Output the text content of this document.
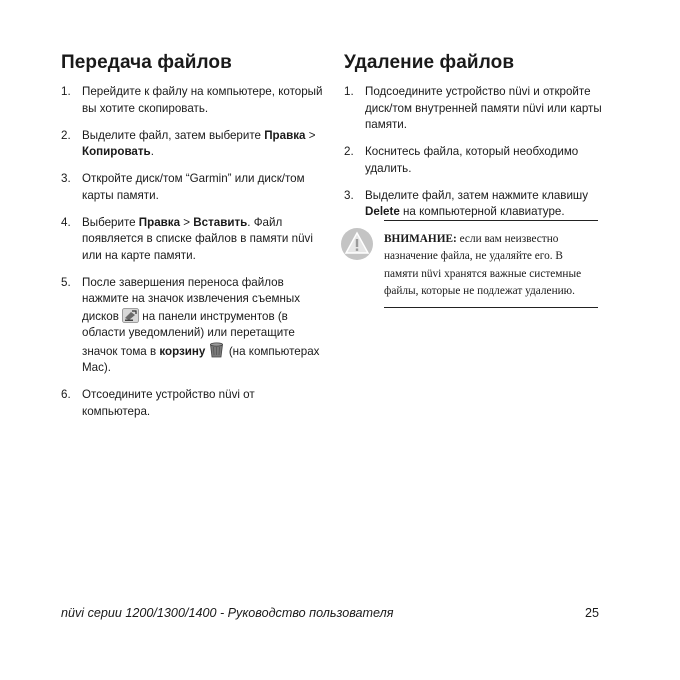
Передача файлов
1. Перейдите к файлу на компьютере, который вы хотите скопировать.
2. Выделите файл, затем выберите Правка > Копировать.
3. Откройте диск/том “Garmin” или диск/том карты памяти.
4. Выберите Правка > Вставить. Файл появляется в списке файлов в памяти nüvi или на карте памяти.
5. После завершения переноса файлов нажмите на значок извлечения съемных дисков  на панели инструментов (в области уведомлений) или перетащите значок тома в корзину  (на компьютерах Mac).
6. Отсоедините устройство nüvi от компьютера.
Удаление файлов
1. Подсоедините устройство nüvi и откройте диск/том внутренней памяти nüvi или карты памяти.
2. Коснитесь файла, который необходимо удалить.
3. Выделите файл, затем нажмите клавишу Delete на компьютерной клавиатуре.
ВНИМАНИЕ: если вам неизвестно назначение файла, не удаляйте его. В памяти nüvi хранятся важные системные файлы, которые не подлежат удалению.
nüvi серии 1200/1300/1400 - Руководство пользователя	25
